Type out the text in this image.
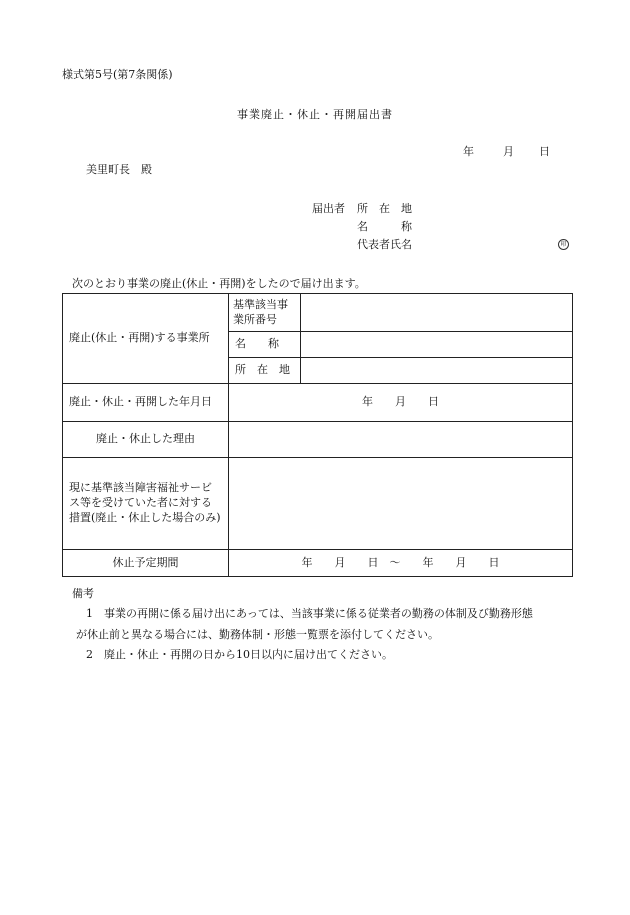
様式第5号(第7条関係)
事業廃止・休止・再開届出書
年	月	日
美里町長　殿
届出者 所　在　地
名　　　称
代表者氏名	印
次のとおり事業の廃止(休止・再開)をしたので届け出ます。
廃止(休止・再開)する事業所	基準該当事業所番号	
	名　　称	
	所　在　地	
廃止・休止・再開した年月日	年　　月　　日	
廃止・休止した理由		
現に基準該当障害福祉サービス等を受けていた者に対する措置(廃止・休止した場合のみ)		
休止予定期間	年　　月　　日　～　　年　　月　　日	
備考
1　事業の再開に係る届け出にあっては、当該事業に係る従業者の勤務の体制及び勤務形態
が休止前と異なる場合には、勤務体制・形態一覧票を添付してください。
2　廃止・休止・再開の日から10日以内に届け出てください。
